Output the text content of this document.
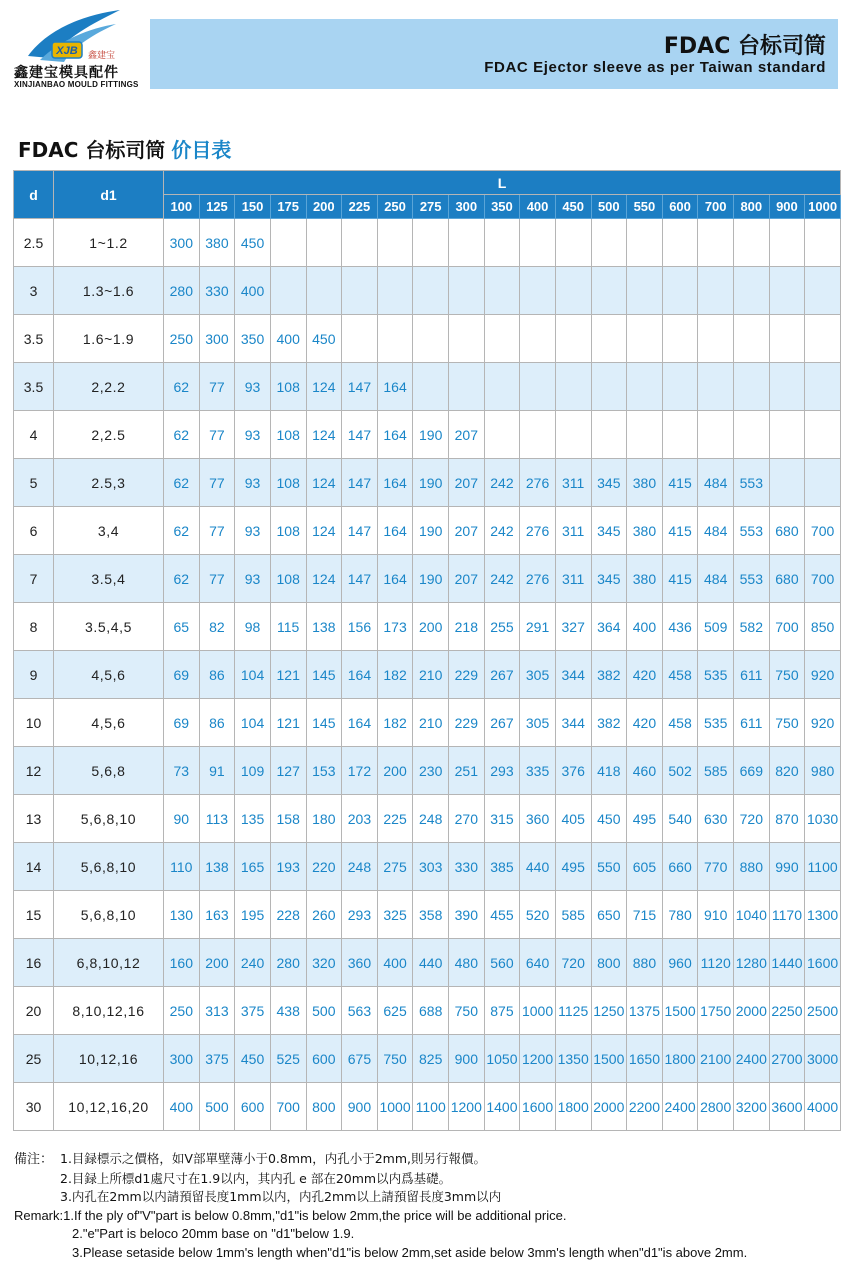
XJB 鑫建宝
鑫建宝模具配件
XINJIANBAO MOULD FITTINGS
FDAC 台标司筒
FDAC Ejector sleeve as per Taiwan standard
FDAC 台标司筒 价目表
d	d1	L																		
		100	125	150	175	200	225	250	275	300	350	400	450	500	550	600	700	800	900	1000
2.5	1~1.2	300	380	450																
3	1.3~1.6	280	330	400																
3.5	1.6~1.9	250	300	350	400	450														
3.5	2,2.2	62	77	93	108	124	147	164												
4	2,2.5	62	77	93	108	124	147	164	190	207										
5	2.5,3	62	77	93	108	124	147	164	190	207	242	276	311	345	380	415	484	553		
6	3,4	62	77	93	108	124	147	164	190	207	242	276	311	345	380	415	484	553	680	700
7	3.5,4	62	77	93	108	124	147	164	190	207	242	276	311	345	380	415	484	553	680	700
8	3.5,4,5	65	82	98	115	138	156	173	200	218	255	291	327	364	400	436	509	582	700	850
9	4,5,6	69	86	104	121	145	164	182	210	229	267	305	344	382	420	458	535	611	750	920
10	4,5,6	69	86	104	121	145	164	182	210	229	267	305	344	382	420	458	535	611	750	920
12	5,6,8	73	91	109	127	153	172	200	230	251	293	335	376	418	460	502	585	669	820	980
13	5,6,8,10	90	113	135	158	180	203	225	248	270	315	360	405	450	495	540	630	720	870	1030
14	5,6,8,10	110	138	165	193	220	248	275	303	330	385	440	495	550	605	660	770	880	990	1100
15	5,6,8,10	130	163	195	228	260	293	325	358	390	455	520	585	650	715	780	910	1040	1170	1300
16	6,8,10,12	160	200	240	280	320	360	400	440	480	560	640	720	800	880	960	1120	1280	1440	1600
20	8,10,12,16	250	313	375	438	500	563	625	688	750	875	1000	1125	1250	1375	1500	1750	2000	2250	2500
25	10,12,16	300	375	450	525	600	675	750	825	900	1050	1200	1350	1500	1650	1800	2100	2400	2700	3000
30	10,12,16,20	400	500	600	700	800	900	1000	1100	1200	1400	1600	1800	2000	2200	2400	2800	3200	3600	4000
備注： 1.目録標示之價格，如V部單壁薄小于0.8mm，内孔小于2mm,則另行報價。
2.目録上所標d1處尺寸在1.9以内，其内孔 e 部在20mm以内爲基礎。
3.内孔在2mm以内請預留長度1mm以内，内孔2mm以上請預留長度3mm以内
Remark:1.If the ply of"V"part is below 0.8mm,"d1"is below 2mm,the price will be additional price.
2."e"Part is beloco 20mm base on "d1"below 1.9.
3.Please setaside below 1mm's length when"d1"is below 2mm,set aside below 3mm's length when"d1"is above 2mm.
